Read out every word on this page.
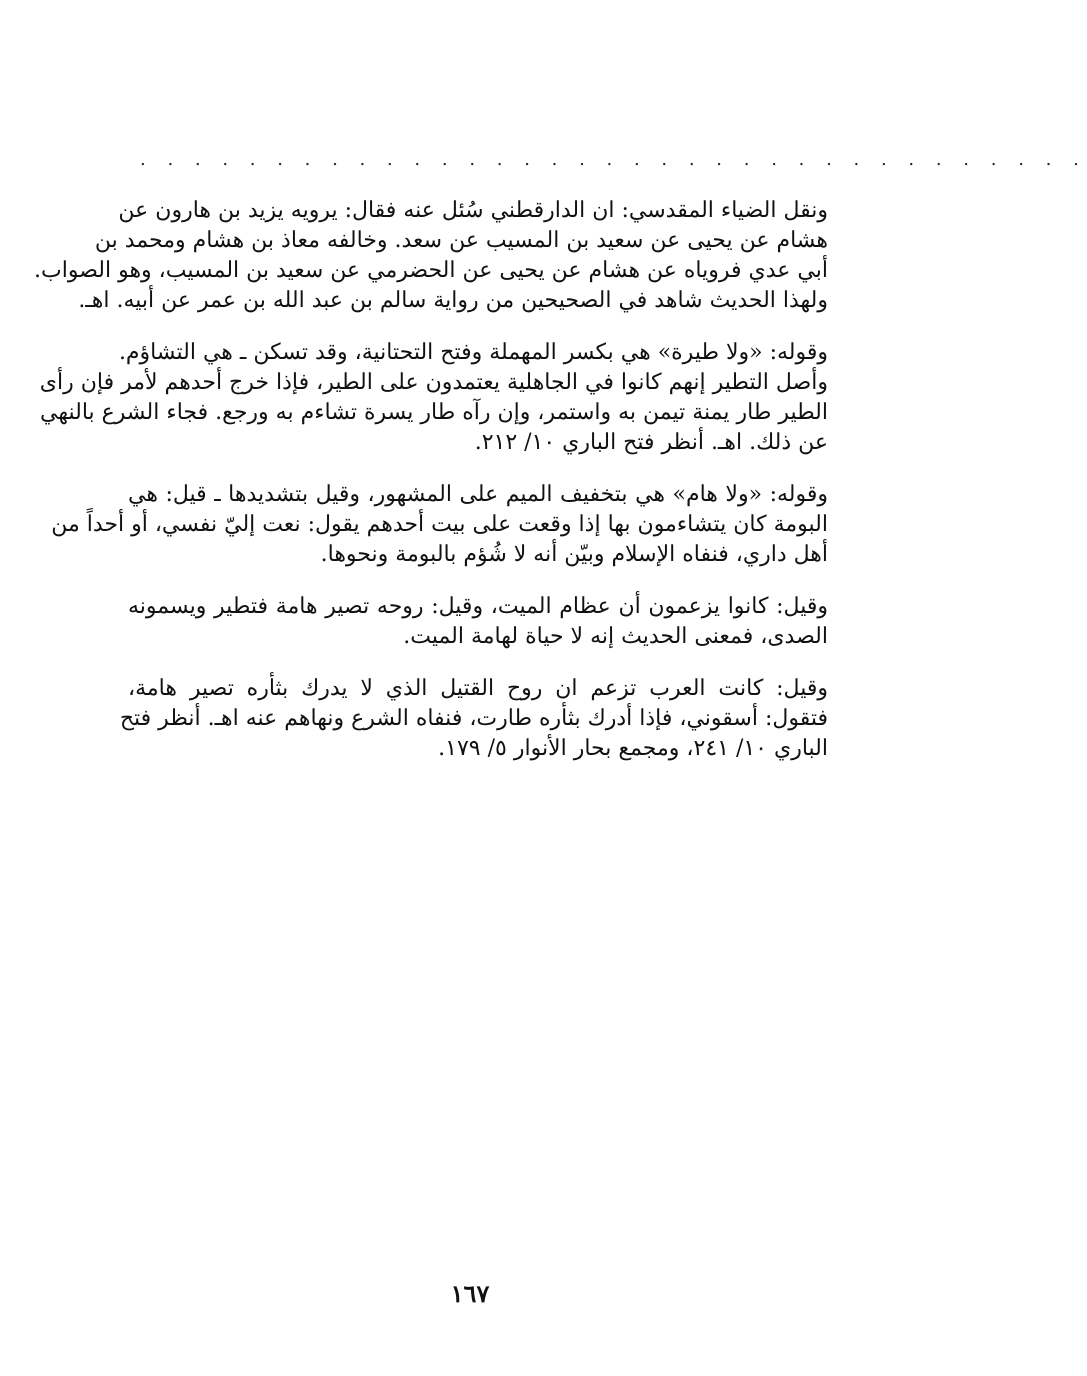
. . . . . . . . . . . . . . . . . . . . . . . . . . . . . . . . . . .
ونقل الضياء المقدسي: ان الدارقطني سُئل عنه فقال: يرويه يزيد بن هارون عن
هشام عن يحيى عن سعيد بن المسيب عن سعد. وخالفه معاذ بن هشام ومحمد بن
أبي عدي فروياه عن هشام عن يحيى عن الحضرمي عن سعيد بن المسيب، وهو الصواب.
ولهذا الحديث شاهد في الصحيحين من رواية سالم بن عبد الله بن عمر عن أبيه. اهـ.
وقوله: «ولا طيرة» هي بكسر المهملة وفتح التحتانية، وقد تسكن ـ هي التشاؤم.
وأصل التطير إنهم كانوا في الجاهلية يعتمدون على الطير، فإذا خرج أحدهم لأمر فإن رأى
الطير طار يمنة تيمن به واستمر، وإن رآه طار يسرة تشاءم به ورجع. فجاء الشرع بالنهي
عن ذلك. اهـ. أنظر فتح الباري ١٠/ ٢١٢.
وقوله: «ولا هام» هي بتخفيف الميم على المشهور، وقيل بتشديدها ـ قيل: هي
البومة كان يتشاءمون بها إذا وقعت على بيت أحدهم يقول: نعت إليّ نفسي، أو أحداً من
أهل داري، فنفاه الإسلام وبيّن أنه لا شُؤم بالبومة ونحوها.
وقيل: كانوا يزعمون أن عظام الميت، وقيل: روحه تصير هامة فتطير ويسمونه
الصدى، فمعنى الحديث إنه لا حياة لهامة الميت.
وقيل: كانت العرب تزعم ان روح القتيل الذي لا يدرك بثأره تصير هامة،
فتقول: أسقوني، فإذا أدرك بثأره طارت، فنفاه الشرع ونهاهم عنه اهـ. أنظر فتح
الباري ١٠/ ٢٤١، ومجمع بحار الأنوار ٥/ ١٧٩.
١٦٧
